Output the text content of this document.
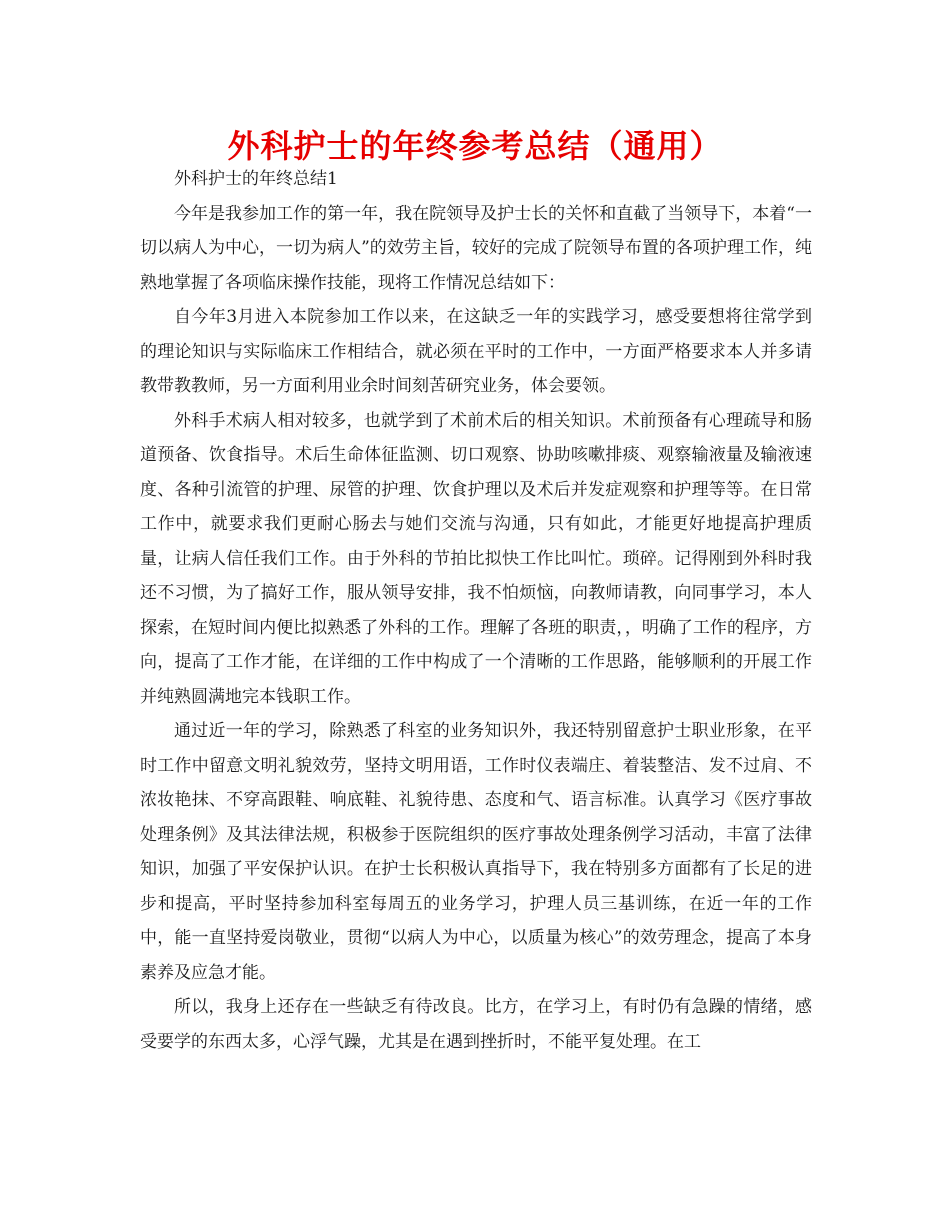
外科护士的年终参考总结（通用）

外科护士的年终总结1

今年是我参加工作的第一年，我在院领导及护士长的关怀和直截了当领导下，本着“一切以病人为中心，一切为病人”的效劳主旨，较好的完成了院领导布置的各项护理工作，纯熟地掌握了各项临床操作技能，现将工作情况总结如下：

自今年3月进入本院参加工作以来，在这缺乏一年的实践学习，感受要想将往常学到的理论知识与实际临床工作相结合，就必须在平时的工作中，一方面严格要求本人并多请教带教教师，另一方面利用业余时间刻苦研究业务，体会要领。

外科手术病人相对较多，也就学到了术前术后的相关知识。术前预备有心理疏导和肠道预备、饮食指导。术后生命体征监测、切口观察、协助咳嗽排痰、观察输液量及输液速度、各种引流管的护理、尿管的护理、饮食护理以及术后并发症观察和护理等等。在日常工作中，就要求我们更耐心肠去与她们交流与沟通，只有如此，才能更好地提高护理质量，让病人信任我们工作。由于外科的节拍比拟快工作比叫忙。琐碎。记得刚到外科时我还不习惯，为了搞好工作，服从领导安排，我不怕烦恼，向教师请教，向同事学习，本人探索，在短时间内便比拟熟悉了外科的工作。理解了各班的职责，，明确了工作的程序，方向，提高了工作才能，在详细的工作中构成了一个清晰的工作思路，能够顺利的开展工作并纯熟圆满地完本钱职工作。

通过近一年的学习，除熟悉了科室的业务知识外，我还特别留意护士职业形象，在平时工作中留意文明礼貌效劳，坚持文明用语，工作时仪表端庄、着装整洁、发不过肩、不浓妆艳抹、不穿高跟鞋、响底鞋、礼貌待患、态度和气、语言标准。认真学习《医疗事故处理条例》及其法律法规，积极参于医院组织的医疗事故处理条例学习活动，丰富了法律知识，加强了平安保护认识。在护士长积极认真指导下，我在特别多方面都有了长足的进步和提高，平时坚持参加科室每周五的业务学习，护理人员三基训练，在近一年的工作中，能一直坚持爱岗敬业，贯彻“以病人为中心，以质量为核心”的效劳理念，提高了本身素养及应急才能。

所以，我身上还存在一些缺乏有待改良。比方，在学习上，有时仍有急躁的情绪，感受要学的东西太多，心浮气躁，尤其是在遇到挫折时，不能平复处理。在工
